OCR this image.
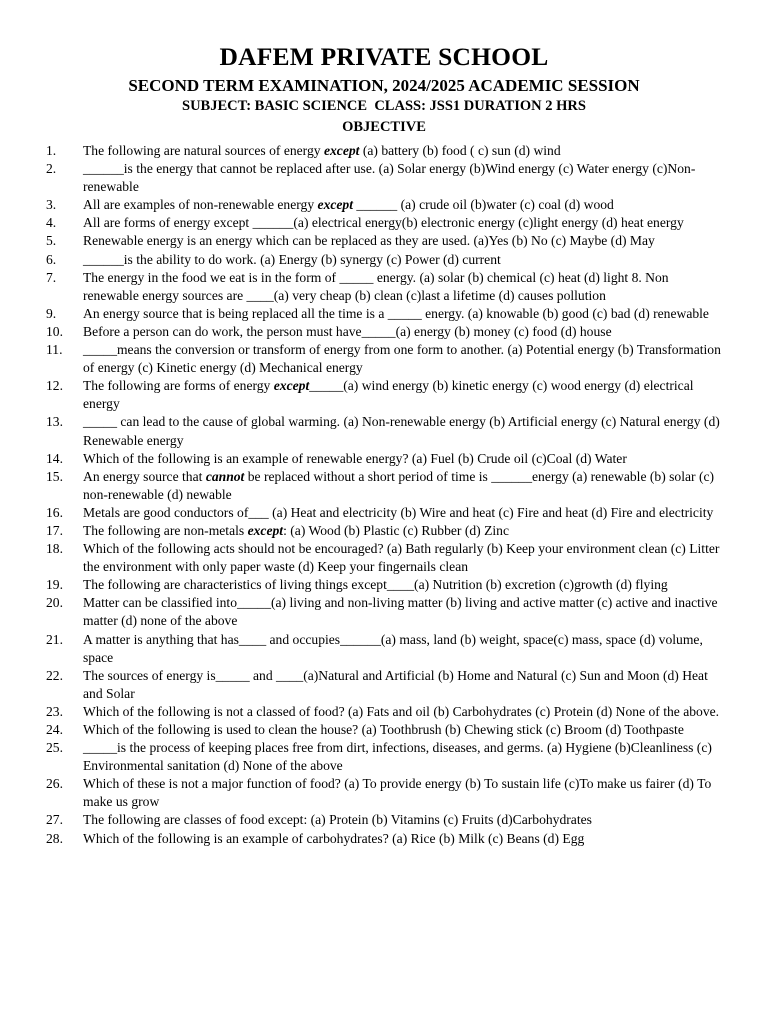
DAFEM PRIVATE SCHOOL
SECOND TERM EXAMINATION, 2024/2025 ACADEMIC SESSION
SUBJECT: BASIC SCIENCE  CLASS: JSS1 DURATION 2 HRS
OBJECTIVE
1.	The following are natural sources of energy except (a) battery (b) food ( c) sun (d) wind
2.	______is the energy that cannot be replaced after use. (a) Solar energy (b)Wind energy (c) Water energy (c)Non-renewable
3.	All are examples of non-renewable energy except ______ (a) crude oil (b)water (c) coal (d) wood
4.	All are forms of energy except ______(a) electrical energy(b) electronic energy (c)light energy (d) heat energy
5.	Renewable energy is an energy which can be replaced as they are used. (a)Yes (b) No (c) Maybe (d) May
6.	______is the ability to do work. (a) Energy (b) synergy (c) Power (d) current
7.	The energy in the food we eat is in the form of _____ energy. (a) solar (b) chemical (c) heat (d) light 8. Non renewable energy sources are ____(a) very cheap (b) clean (c)last a lifetime (d) causes pollution
9.	An energy source that is being replaced all the time is a _____ energy. (a) knowable (b) good (c) bad (d) renewable
10.	Before a person can do work, the person must have_____(a) energy (b) money (c) food (d) house
11.	_____means the conversion or transform of energy from one form to another. (a) Potential energy (b) Transformation of energy (c) Kinetic energy (d) Mechanical energy
12.	The following are forms of energy except_____(a) wind energy (b) kinetic energy (c) wood energy (d) electrical energy
13.	_____ can lead to the cause of global warming. (a) Non-renewable energy (b) Artificial energy (c) Natural energy (d) Renewable energy
14.	Which of the following is an example of renewable energy? (a) Fuel (b) Crude oil (c)Coal (d) Water
15.	An energy source that cannot be replaced without a short period of time is ______energy (a) renewable (b) solar (c) non-renewable (d) newable
16.	Metals are good conductors of___ (a) Heat and electricity (b) Wire and heat (c) Fire and heat (d) Fire and electricity
17.	The following are non-metals except: (a) Wood (b) Plastic (c) Rubber (d) Zinc
18.	Which of the following acts should not be encouraged? (a) Bath regularly (b) Keep your environment clean (c) Litter the environment with only paper waste (d) Keep your fingernails clean
19.	The following are characteristics of living things except____(a) Nutrition (b) excretion (c)growth (d) flying
20.	Matter can be classified into_____(a) living and non-living matter (b) living and active matter (c) active and inactive matter (d) none of the above
21.	A matter is anything that has____ and occupies______(a) mass, land (b) weight, space(c) mass, space (d) volume, space
22.	The sources of energy is_____ and ____(a)Natural and Artificial (b) Home and Natural (c) Sun and Moon (d) Heat and Solar
23.	Which of the following is not a classed of food? (a) Fats and oil (b) Carbohydrates (c) Protein (d) None of the above.
24.	Which of the following is used to clean the house? (a) Toothbrush (b) Chewing stick (c) Broom (d) Toothpaste
25.	_____is the process of keeping places free from dirt, infections, diseases, and germs. (a) Hygiene (b)Cleanliness (c) Environmental sanitation (d) None of the above
26.	Which of these is not a major function of food? (a) To provide energy (b) To sustain life (c)To make us fairer (d) To make us grow
27.	The following are classes of food except: (a) Protein (b) Vitamins (c) Fruits (d)Carbohydrates
28.	Which of the following is an example of carbohydrates? (a) Rice (b) Milk (c) Beans (d) Egg
